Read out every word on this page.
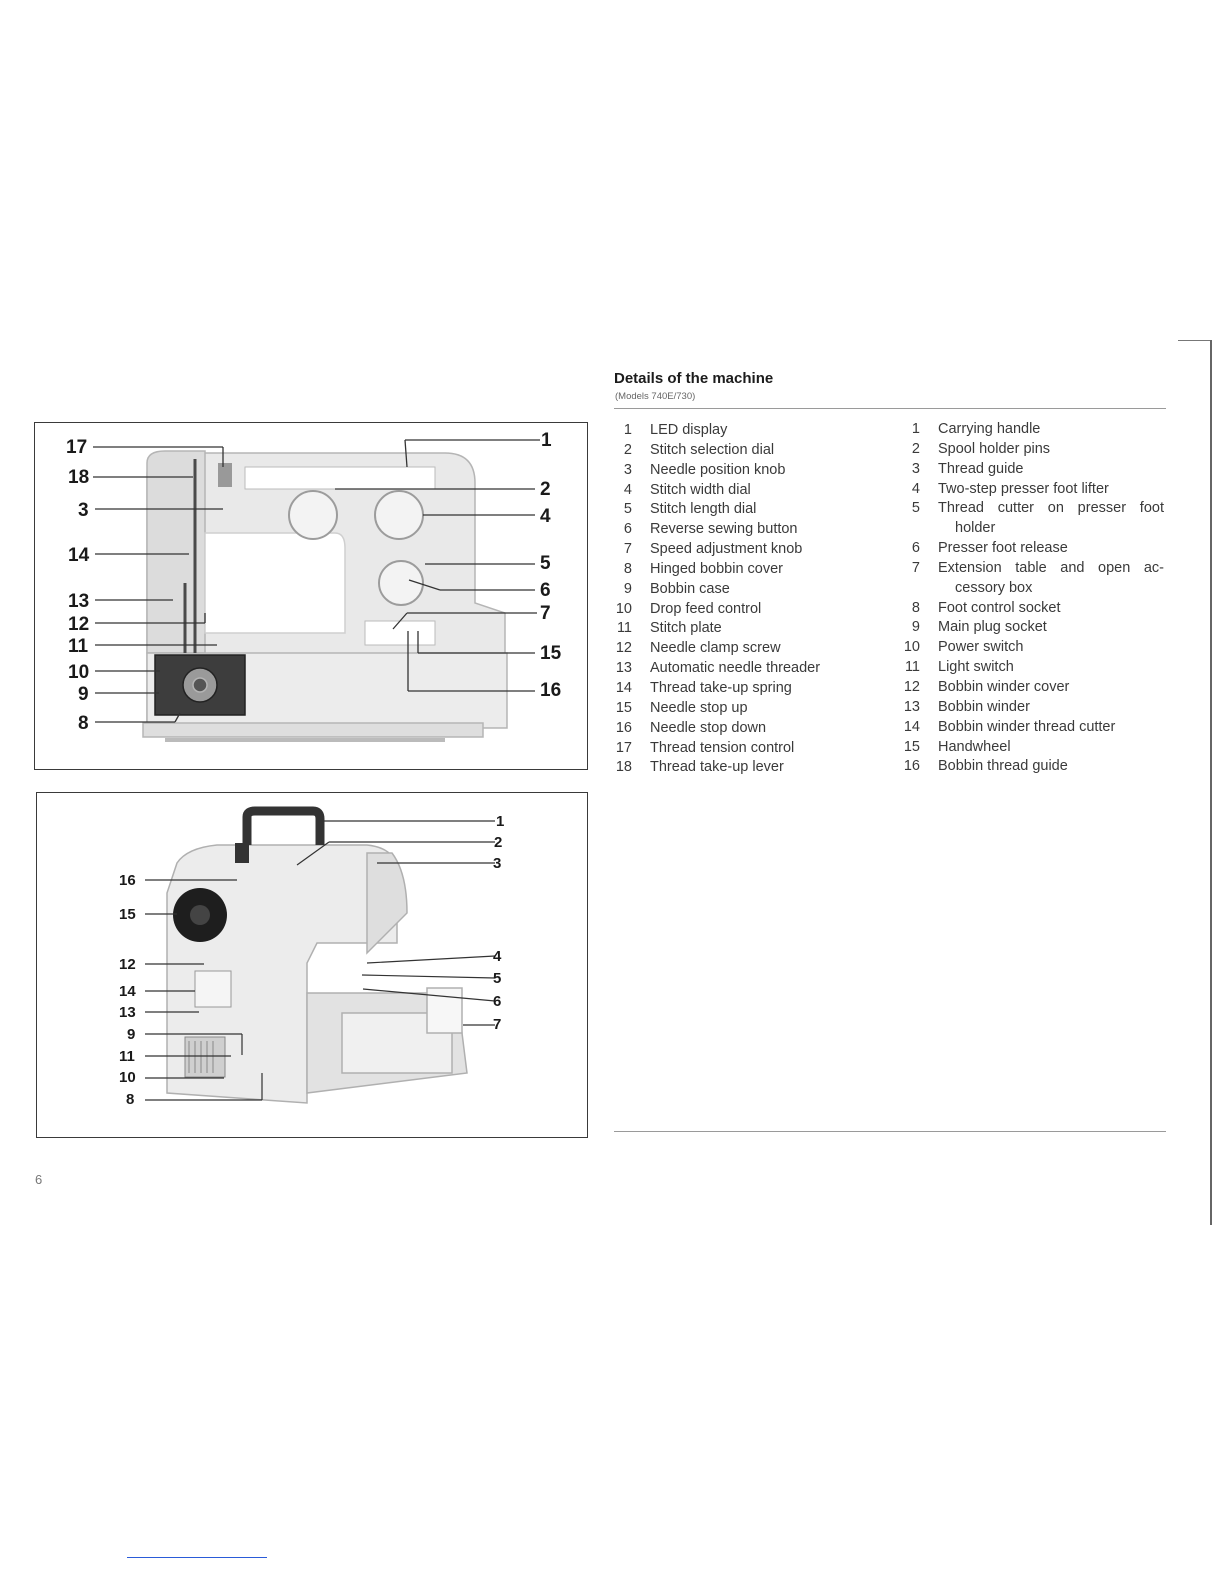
1
2
3	4
5
6
7
8
9
10
11
12
13
14
15
16
17
18
1
2
3
4
5
6
7
8
9
10
11
12
13
14
15
16
Details of the machine
(Models 740E/730)
1 LED display
2 Stitch selection dial
3 Needle position knob
4 Stitch width dial
5 Stitch length dial
6 Reverse sewing button
7 Speed adjustment knob
8 Hinged bobbin cover
9 Bobbin case
10 Drop feed control
11 Stitch plate
12 Needle clamp screw
13 Automatic needle threader
14 Thread take-up spring
15 Needle stop up
16 Needle stop down
17 Thread tension control
18 Thread take-up lever
1 Carrying handle
2 Spool holder pins
3 Thread guide
4 Two-step presser foot lifter
5 Thread cutter on presser foot
holder
6 Presser foot release
7 Extension table and open ac-
cessory box
8 Foot control socket
9 Main plug socket
10 Power switch
11 Light switch
12 Bobbin winder cover
13 Bobbin winder
14 Bobbin winder thread cutter
15 Handwheel
16 Bobbin thread guide
6
